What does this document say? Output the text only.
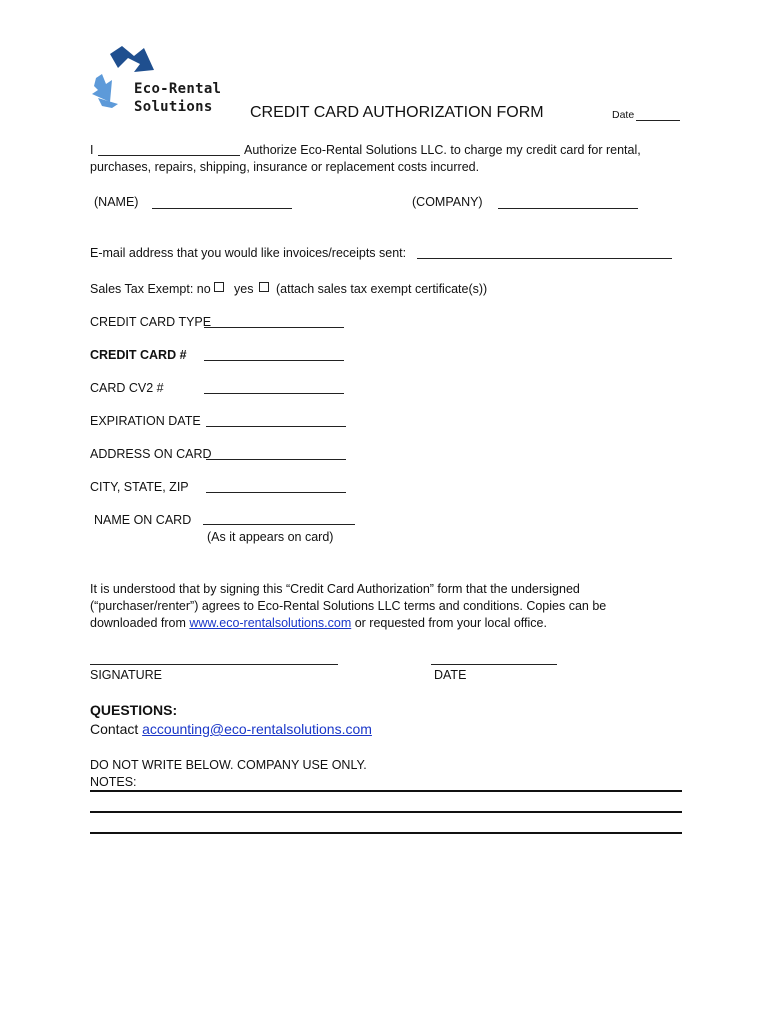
Eco-Rental
Solutions CREDIT CARD AUTHORIZATION FORM	Date
I	Authorize Eco-Rental Solutions LLC. to charge my credit card for rental,
purchases, repairs, shipping, insurance or replacement costs incurred.
(NAME)	(COMPANY)
E-mail address that you would like invoices/receipts sent:
Sales Tax Exempt: no yes (attach sales tax exempt certificate(s))
CREDIT CARD TYPE
CREDIT CARD #
CARD CV2 #
EXPIRATION DATE
ADDRESS ON CARD
CITY, STATE, ZIP
NAME ON CARD
(As it appears on card)
It is understood that by signing this “Credit Card Authorization” form that the undersigned
(“purchaser/renter”) agrees to Eco-Rental Solutions LLC terms and conditions. Copies can be
downloaded from www.eco-rentalsolutions.com or requested from your local office.
SIGNATURE	DATE
QUESTIONS:
Contact accounting@eco-rentalsolutions.com
DO NOT WRITE BELOW. COMPANY USE ONLY.
NOTES:
